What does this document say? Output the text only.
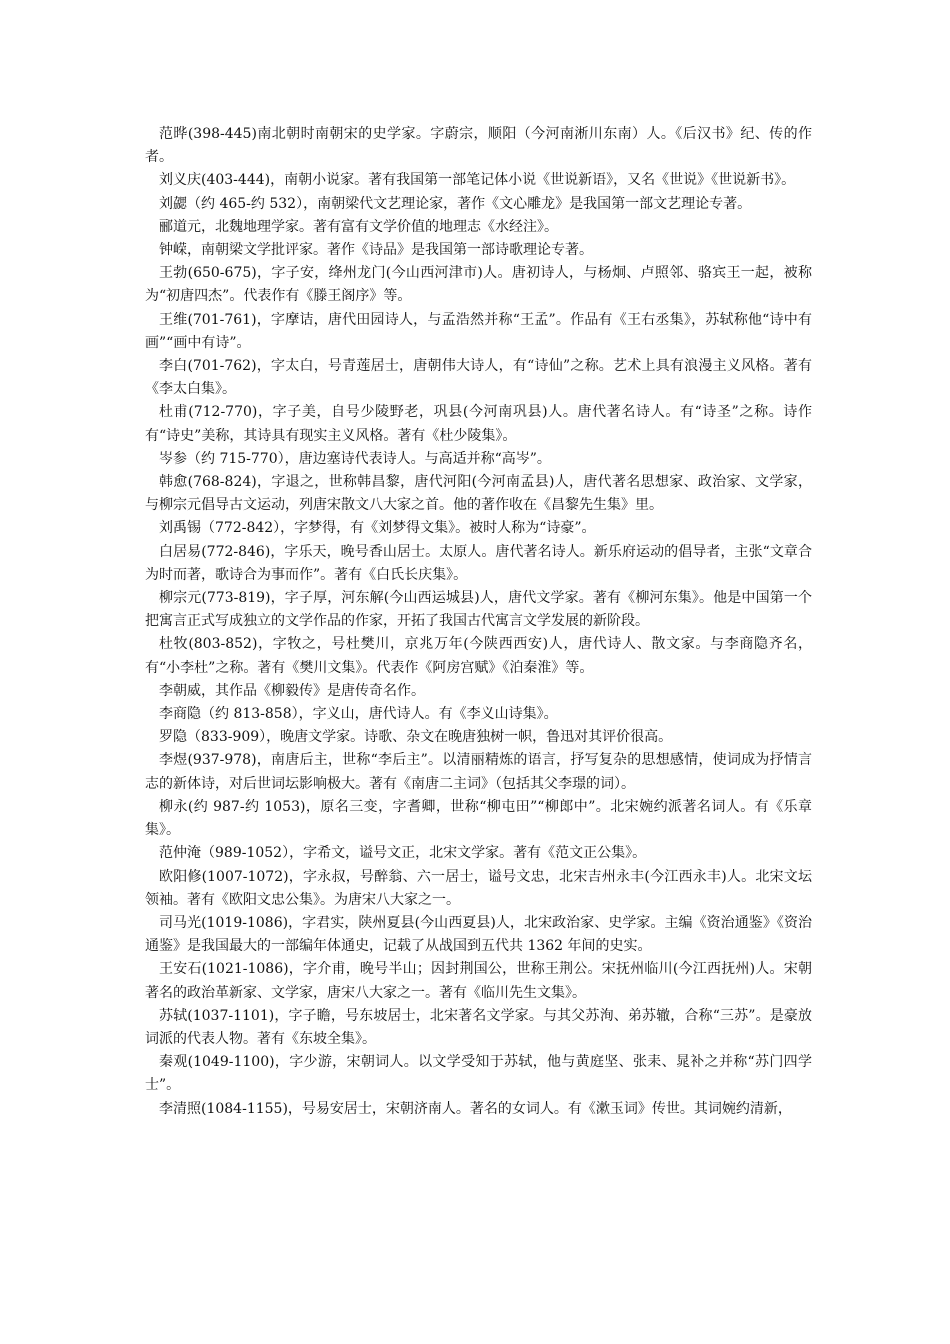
范晔(398-445)南北朝时南朝宋的史学家。字蔚宗，顺阳（今河南淅川东南）人。《后汉书》纪、传的作者。

刘义庆(403-444)，南朝小说家。著有我国第一部笔记体小说《世说新语》，又名《世说》《世说新书》。

刘勰（约 465-约 532），南朝梁代文艺理论家，著作《文心雕龙》是我国第一部文艺理论专著。

郦道元，北魏地理学家。著有富有文学价值的地理志《水经注》。

钟嵘，南朝梁文学批评家。著作《诗品》是我国第一部诗歌理论专著。

王勃(650-675)，字子安，绛州龙门(今山西河津市)人。唐初诗人，与杨炯、卢照邻、骆宾王一起，被称为“初唐四杰”。代表作有《滕王阁序》等。

王维(701-761)，字摩诘，唐代田园诗人，与孟浩然并称“王孟”。作品有《王右丞集》，苏轼称他“诗中有画”“画中有诗”。

李白(701-762)，字太白，号青莲居士，唐朝伟大诗人，有“诗仙”之称。艺术上具有浪漫主义风格。著有《李太白集》。

杜甫(712-770)，字子美，自号少陵野老，巩县(今河南巩县)人。唐代著名诗人。有“诗圣”之称。诗作有“诗史”美称，其诗具有现实主义风格。著有《杜少陵集》。

岑参（约 715-770），唐边塞诗代表诗人。与高适并称“高岑”。

韩愈(768-824)，字退之，世称韩昌黎，唐代河阳(今河南孟县)人，唐代著名思想家、政治家、文学家，与柳宗元倡导古文运动，列唐宋散文八大家之首。他的著作收在《昌黎先生集》里。

刘禹锡（772-842），字梦得，有《刘梦得文集》。被时人称为“诗豪”。

白居易(772-846)，字乐天，晚号香山居士。太原人。唐代著名诗人。新乐府运动的倡导者，主张“文章合为时而著，歌诗合为事而作”。著有《白氏长庆集》。

柳宗元(773-819)，字子厚，河东解(今山西运城县)人，唐代文学家。著有《柳河东集》。他是中国第一个把寓言正式写成独立的文学作品的作家，开拓了我国古代寓言文学发展的新阶段。

杜牧(803-852)，字牧之，号杜樊川，京兆万年(今陕西西安)人，唐代诗人、散文家。与李商隐齐名，有“小李杜”之称。著有《樊川文集》。代表作《阿房宫赋》《泊秦淮》等。

李朝威，其作品《柳毅传》是唐传奇名作。

李商隐（约 813-858），字义山，唐代诗人。有《李义山诗集》。

罗隐（833-909），晚唐文学家。诗歌、杂文在晚唐独树一帜，鲁迅对其评价很高。

李煜(937-978)，南唐后主，世称“李后主”。以清丽精炼的语言，抒写复杂的思想感情，使词成为抒情言志的新体诗，对后世词坛影响极大。著有《南唐二主词》（包括其父李璟的词）。

柳永(约 987-约 1053)，原名三变，字耆卿，世称“柳屯田”“柳郎中”。北宋婉约派著名词人。有《乐章集》。

范仲淹（989-1052），字希文，谥号文正，北宋文学家。著有《范文正公集》。

欧阳修(1007-1072)，字永叔，号醉翁、六一居士，谥号文忠，北宋吉州永丰(今江西永丰)人。北宋文坛领袖。著有《欧阳文忠公集》。为唐宋八大家之一。

司马光(1019-1086)，字君实，陕州夏县(今山西夏县)人，北宋政治家、史学家。主编《资治通鉴》《资治通鉴》是我国最大的一部编年体通史，记载了从战国到五代共 1362 年间的史实。

王安石(1021-1086)，字介甫，晚号半山；因封荆国公，世称王荆公。宋抚州临川(今江西抚州)人。宋朝著名的政治革新家、文学家，唐宋八大家之一。著有《临川先生文集》。

苏轼(1037-1101)，字子瞻，号东坡居士，北宋著名文学家。与其父苏洵、弟苏辙，合称“三苏”。是豪放词派的代表人物。著有《东坡全集》。

秦观(1049-1100)，字少游，宋朝词人。以文学受知于苏轼，他与黄庭坚、张耒、晁补之并称“苏门四学士”。

李清照(1084-1155)，号易安居士，宋朝济南人。著名的女词人。有《漱玉词》传世。其词婉约清新，
